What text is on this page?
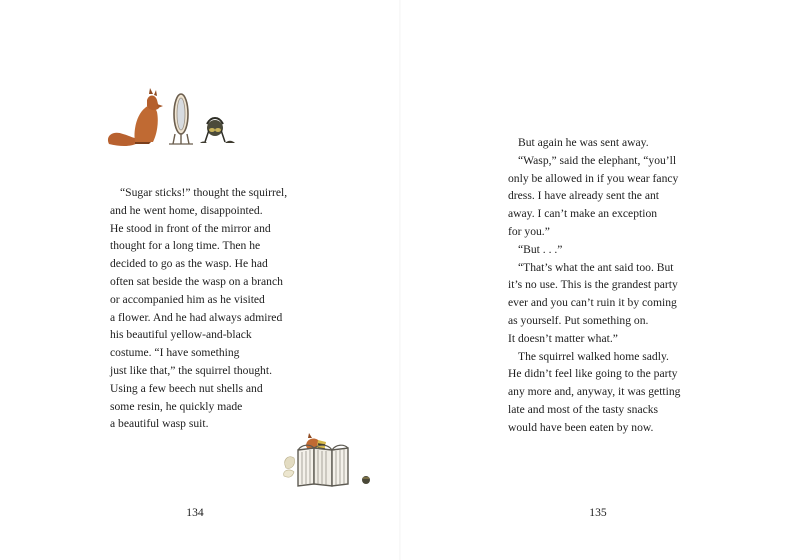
“Sugar sticks!” thought the squirrel,
and he went home, disappointed.
He stood in front of the mirror and
thought for a long time. Then he
decided to go as the wasp. He had
often sat beside the wasp on a branch
or accompanied him as he visited
a flower. And he had always admired
his beautiful yellow-and-black
costume. “I have something
just like that,” the squirrel thought.
Using a few beech nut shells and
some resin, he quickly made
a beautiful wasp suit.
134
But again he was sent away.
“Wasp,” said the elephant, “you’ll
only be allowed in if you wear fancy
dress. I have already sent the ant
away. I can’t make an exception
for you.”
“But . . .”
“That’s what the ant said too. But
it’s no use. This is the grandest party
ever and you can’t ruin it by coming
as yourself. Put something on.
It doesn’t matter what.”
The squirrel walked home sadly.
He didn’t feel like going to the party
any more and, anyway, it was getting
late and most of the tasty snacks
would have been eaten by now.
135
